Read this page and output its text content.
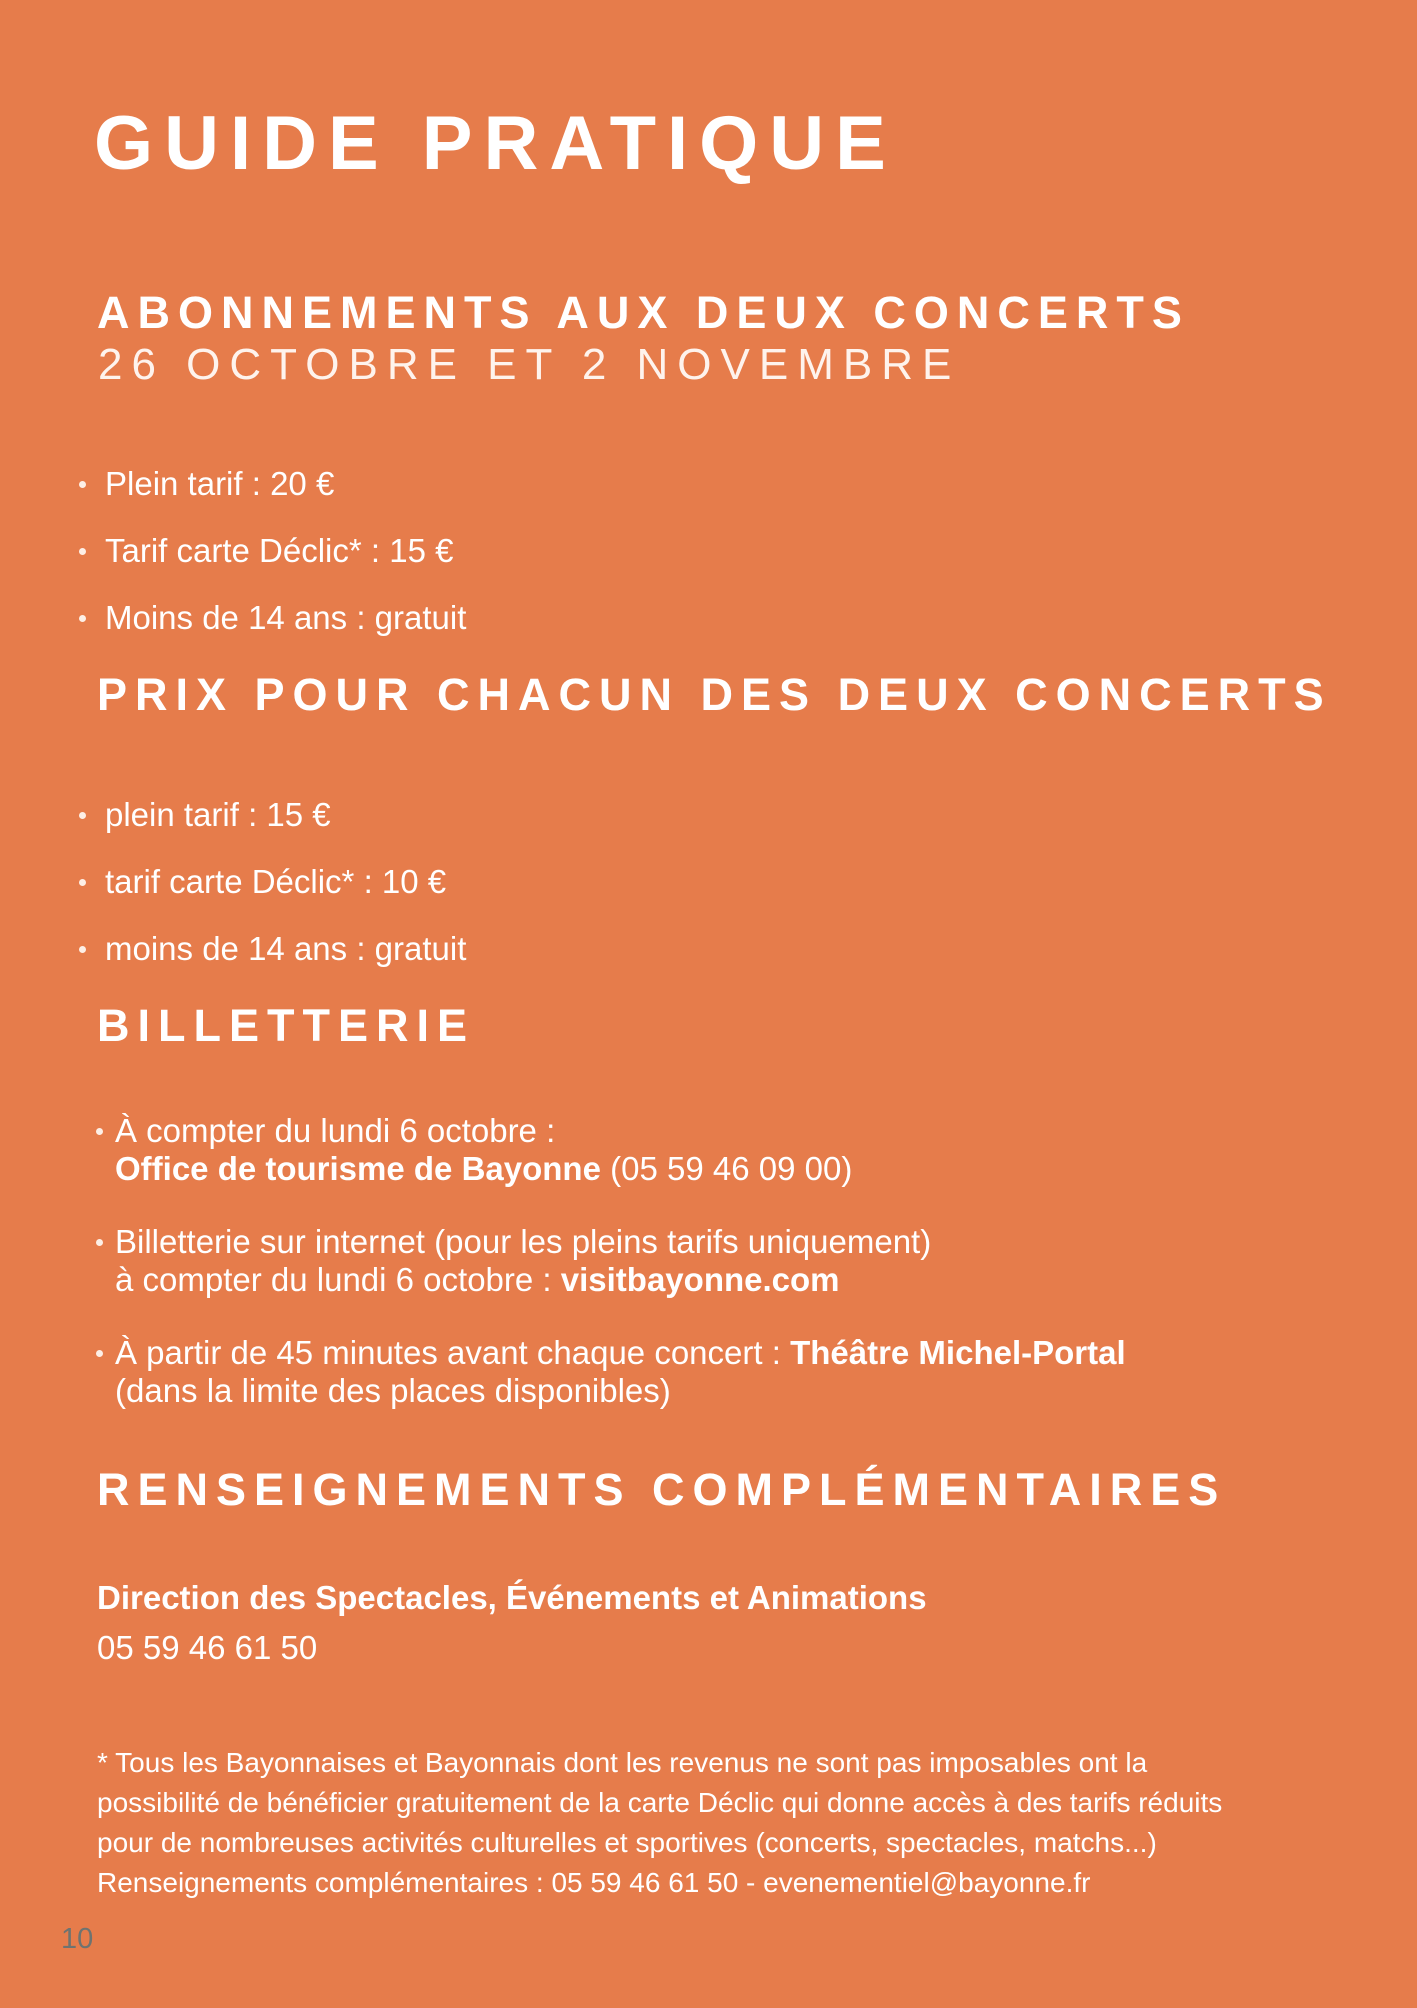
GUIDE PRATIQUE
ABONNEMENTS AUX DEUX CONCERTS
26 OCTOBRE ET 2 NOVEMBRE
Plein tarif : 20 €
Tarif carte Déclic* : 15 €
Moins de 14 ans : gratuit
PRIX POUR CHACUN DES DEUX CONCERTS
plein tarif : 15 €
tarif carte Déclic* : 10 €
moins de 14 ans : gratuit
BILLETTERIE
À compter du lundi 6 octobre :
Office de tourisme de Bayonne (05 59 46 09 00)
Billetterie sur internet (pour les pleins tarifs uniquement)
à compter du lundi 6 octobre : visitbayonne.com
À partir de 45 minutes avant chaque concert : Théâtre Michel-Portal
(dans la limite des places disponibles)
RENSEIGNEMENTS COMPLÉMENTAIRES
Direction des Spectacles, Événements et Animations
05 59 46 61 50
* Tous les Bayonnaises et Bayonnais dont les revenus ne sont pas imposables ont la
possibilité de bénéficier gratuitement de la carte Déclic qui donne accès à des tarifs réduits
pour de nombreuses activités culturelles et sportives (concerts, spectacles, matchs...)
Renseignements complémentaires : 05 59 46 61 50 - evenementiel@bayonne.fr
10
